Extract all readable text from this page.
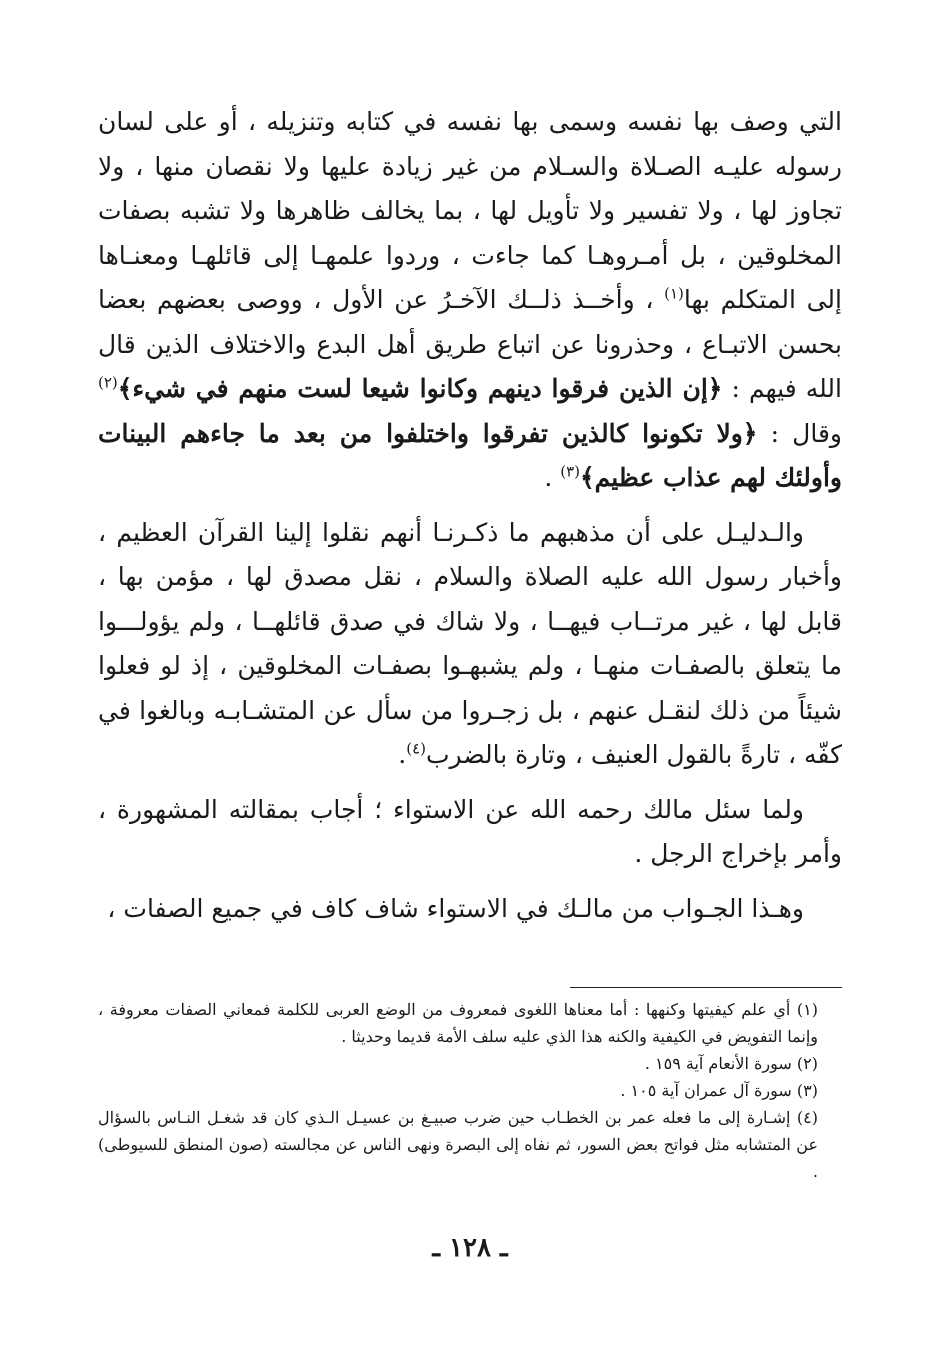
التي وصف بها نفسه وسمى بها نفسه في كتابه وتنزيله ، أو على لسان رسوله عليـه الصـلاة والسـلام من غير زيادة عليها ولا نقصان منها ، ولا تجاوز لها ، ولا تفسير ولا تأويل لها ، بما يخالف ظاهرها ولا تشبه بصفات المخلوقين ، بل أمـروهـا كما جاءت ، وردوا علمهـا إلى قائلهـا ومعنـاها إلى المتكلم بها$^{(١)}$ ، وأخــذ ذلــك الآخـرُ عن الأول ، ووصى بعضهم بعضا بحسن الاتبـاع ، وحذرونا عن اتباع طريق أهل البدع والاختلاف الذين قال الله فيهم : ﴿إن الذين فرقوا دينهم وكانوا شيعا لست منهم في شيء﴾$^{(٢)}$ وقال : ﴿ولا تكونوا كالذين تفرقوا واختلفوا من بعد ما جاءهم البينات وأولئك لهم عذاب عظيم﴾$^{(٣)}$ .

والـدليـل على أن مذهبهم ما ذكـرنـا أنهم نقلوا إلينا القرآن العظيم ، وأخبار رسول الله عليه الصلاة والسلام ، نقل مصدق لها ، مؤمن بها ، قابل لها ، غير مرتــاب فيهــا ، ولا شاك في صدق قائلهــا ، ولم يؤولـــوا ما يتعلق بالصفـات منهـا ، ولم يشبهـوا بصفـات المخلوقين ، إذ لو فعلوا شيئاً من ذلك لنقـل عنهم ، بل زجـروا من سأل عن المتشـابـه وبالغوا في كفّه ، تارةً بالقول العنيف ، وتارة بالضرب$^{(٤)}$.

ولما سئل مالك رحمه الله عن الاستواء ؛ أجاب بمقالته المشهورة ، وأمر بإخراج الرجل .

وهـذا الجـواب من مالـك في الاستواء شاف كاف في جميع الصفات ،

(١) أي علم كيفيتها وكنهها : أما معناها اللغوى فمعروف من الوضع العربى للكلمة فمعاني الصفات معروفة ، وإنما التفويض في الكيفية والكنه هذا الذي عليه سلف الأمة قديما وحديثا .

(٢) سورة الأنعام آية ١٥٩ .

(٣) سورة آل عمران آية ١٠٥ .

(٤) إشـارة إلى ما فعله عمر بن الخطـاب حين ضرب صبيـغ بن عسيـل الـذي كان قد شغـل النـاس بالسؤال عن المتشابه مثل فواتح بعض السور، ثم نفاه إلى البصرة ونهى الناس عن مجالسته (صون المنطق للسيوطى) .

ـ ١٢٨ ـ
